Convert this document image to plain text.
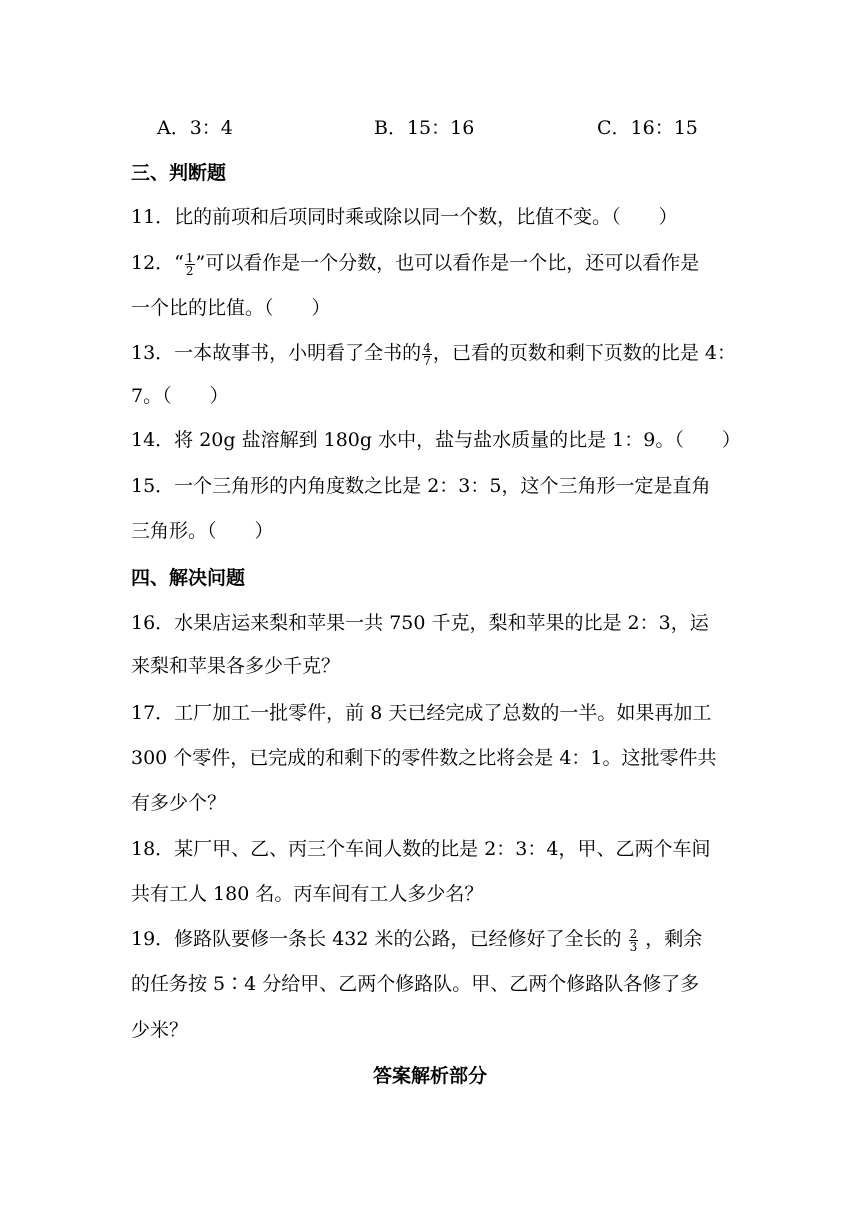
A．3：4	B．15：16	C．16：15
三、判断题
11．比的前项和后项同时乘或除以同一个数，比值不变。（　　）
12．“ $\frac{1}{2}$ ”可以看作是一个分数，也可以看作是一个比，还可以看作是
一个比的比值。（　　）
13．一本故事书，小明看了全书的 $\frac{4}{7}$ ，已看的页数和剩下页数的比是 4：
7。（　　）
14．将 20g 盐溶解到 180g 水中，盐与盐水质量的比是 1：9。（　　）
15．一个三角形的内角度数之比是 2：3：5，这个三角形一定是直角
三角形。（　　）
四、解决问题
16．水果店运来梨和苹果一共 750 千克，梨和苹果的比是 2：3，运
来梨和苹果各多少千克？
17．工厂加工一批零件，前 8 天已经完成了总数的一半。如果再加工
300 个零件，已完成的和剩下的零件数之比将会是 4：1。这批零件共
有多少个？
18．某厂甲、乙、丙三个车间人数的比是 2：3：4，甲、乙两个车间
共有工人 180 名。丙车间有工人多少名？
19．修路队要修一条长 432 米的公路，已经修好了全长的 $\frac{2}{3}$ ，剩余
的任务按 5∶4 分给甲、乙两个修路队。甲、乙两个修路队各修了多
少米？
答案解析部分
